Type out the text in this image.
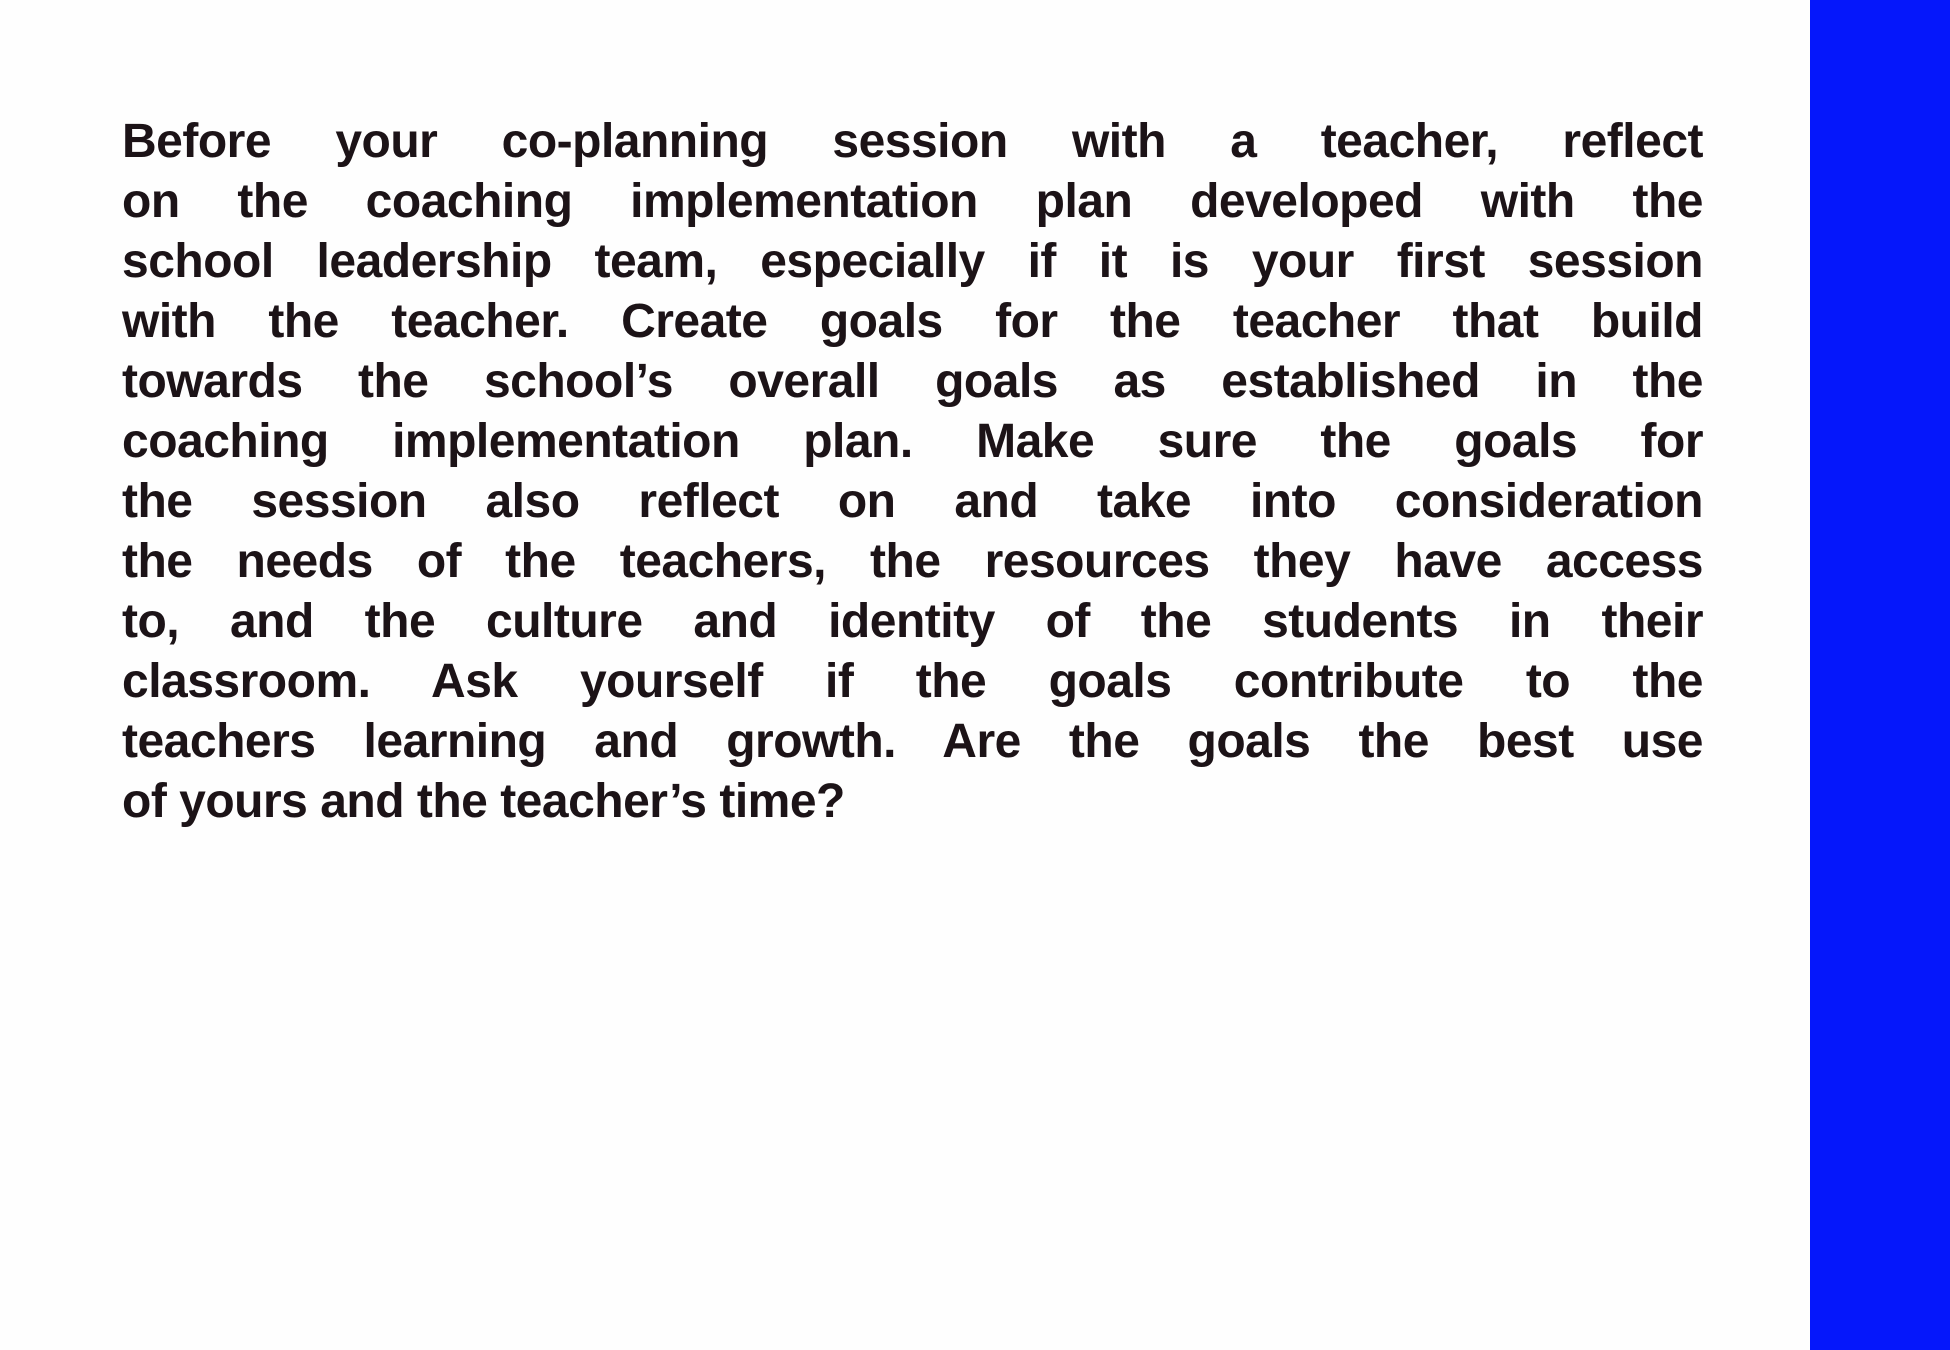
Before your co-planning session with a teacher, reflect
on the coaching implementation plan developed with the
school leadership team, especially if it is your first session
with the teacher. Create goals for the teacher that build
towards the school’s overall goals as established in the
coaching implementation plan. Make sure the goals for
the session also reflect on and take into consideration
the needs of the teachers, the resources they have access
to, and the culture and identity of the students in their
classroom. Ask yourself if the goals contribute to the
teachers learning and growth. Are the goals the best use
of yours and the teacher’s time?
